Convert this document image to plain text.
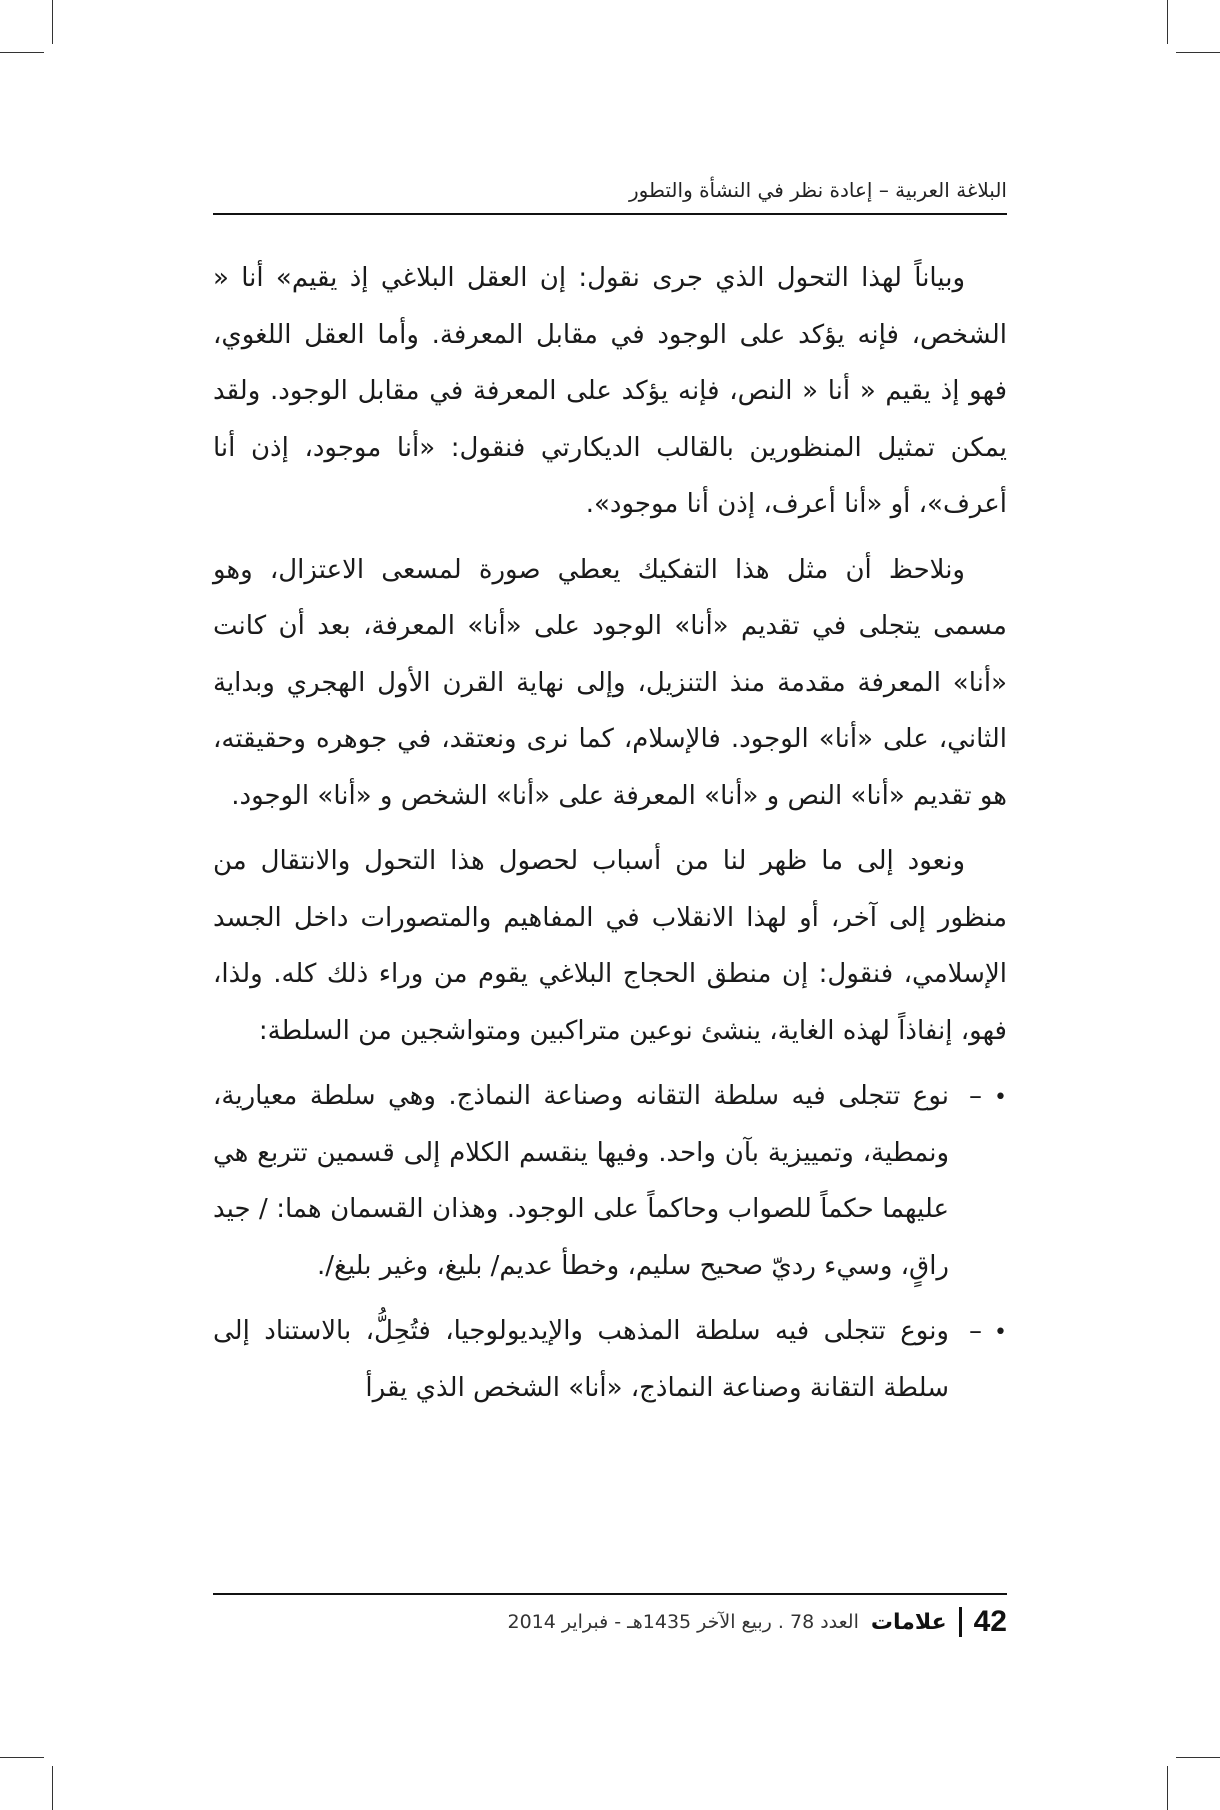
البلاغة العربية – إعادة نظر في النشأة والتطور

وبياناً لهذا التحول الذي جرى نقول: إن العقل البلاغي إذ يقيم» أنا « الشخص، فإنه يؤكد على الوجود في مقابل المعرفة. وأما العقل اللغوي، فهو إذ يقيم « أنا « النص، فإنه يؤكد على المعرفة في مقابل الوجود. ولقد يمكن تمثيل المنظورين بالقالب الديكارتي فنقول: «أنا موجود، إذن أنا أعرف»، أو «أنا أعرف، إذن أنا موجود».

ونلاحظ أن مثل هذا التفكيك يعطي صورة لمسعى الاعتزال، وهو مسمى يتجلى في تقديم «أنا» الوجود على «أنا» المعرفة، بعد أن كانت «أنا» المعرفة مقدمة منذ التنزيل، وإلى نهاية القرن الأول الهجري وبداية الثاني، على «أنا» الوجود. فالإسلام، كما نرى ونعتقد، في جوهره وحقيقته، هو تقديم «أنا» النص و «أنا» المعرفة على «أنا» الشخص و «أنا» الوجود.

ونعود إلى ما ظهر لنا من أسباب لحصول هذا التحول والانتقال من منظور إلى آخر، أو لهذا الانقلاب في المفاهيم والمتصورات داخل الجسد الإسلامي، فنقول: إن منطق الحجاج البلاغي يقوم من وراء ذلك كله. ولذا، فهو، إنفاذاً لهذه الغاية، ينشئ نوعين متراكبين ومتواشجين من السلطة:

•–
نوع تتجلى فيه سلطة التقانه وصناعة النماذج. وهي سلطة معيارية، ونمطية، وتمييزية بآن واحد. وفيها ينقسم الكلام إلى قسمين تتربع هي عليهما حكماً للصواب وحاكماً على الوجود. وهذان القسمان هما: / جيد راقٍ، وسيء رديّ صحيح سليم، وخطأ عديم/ بليغ، وغير بليغ/.
•–
ونوع تتجلى فيه سلطة المذهب والإيديولوجيا، فتُحِلُّ، بالاستناد إلى سلطة التقانة وصناعة النماذج، «أنا» الشخص الذي يقرأ
42
علامات
العدد 78 . ربيع الآخر 1435هـ - فبراير 2014
